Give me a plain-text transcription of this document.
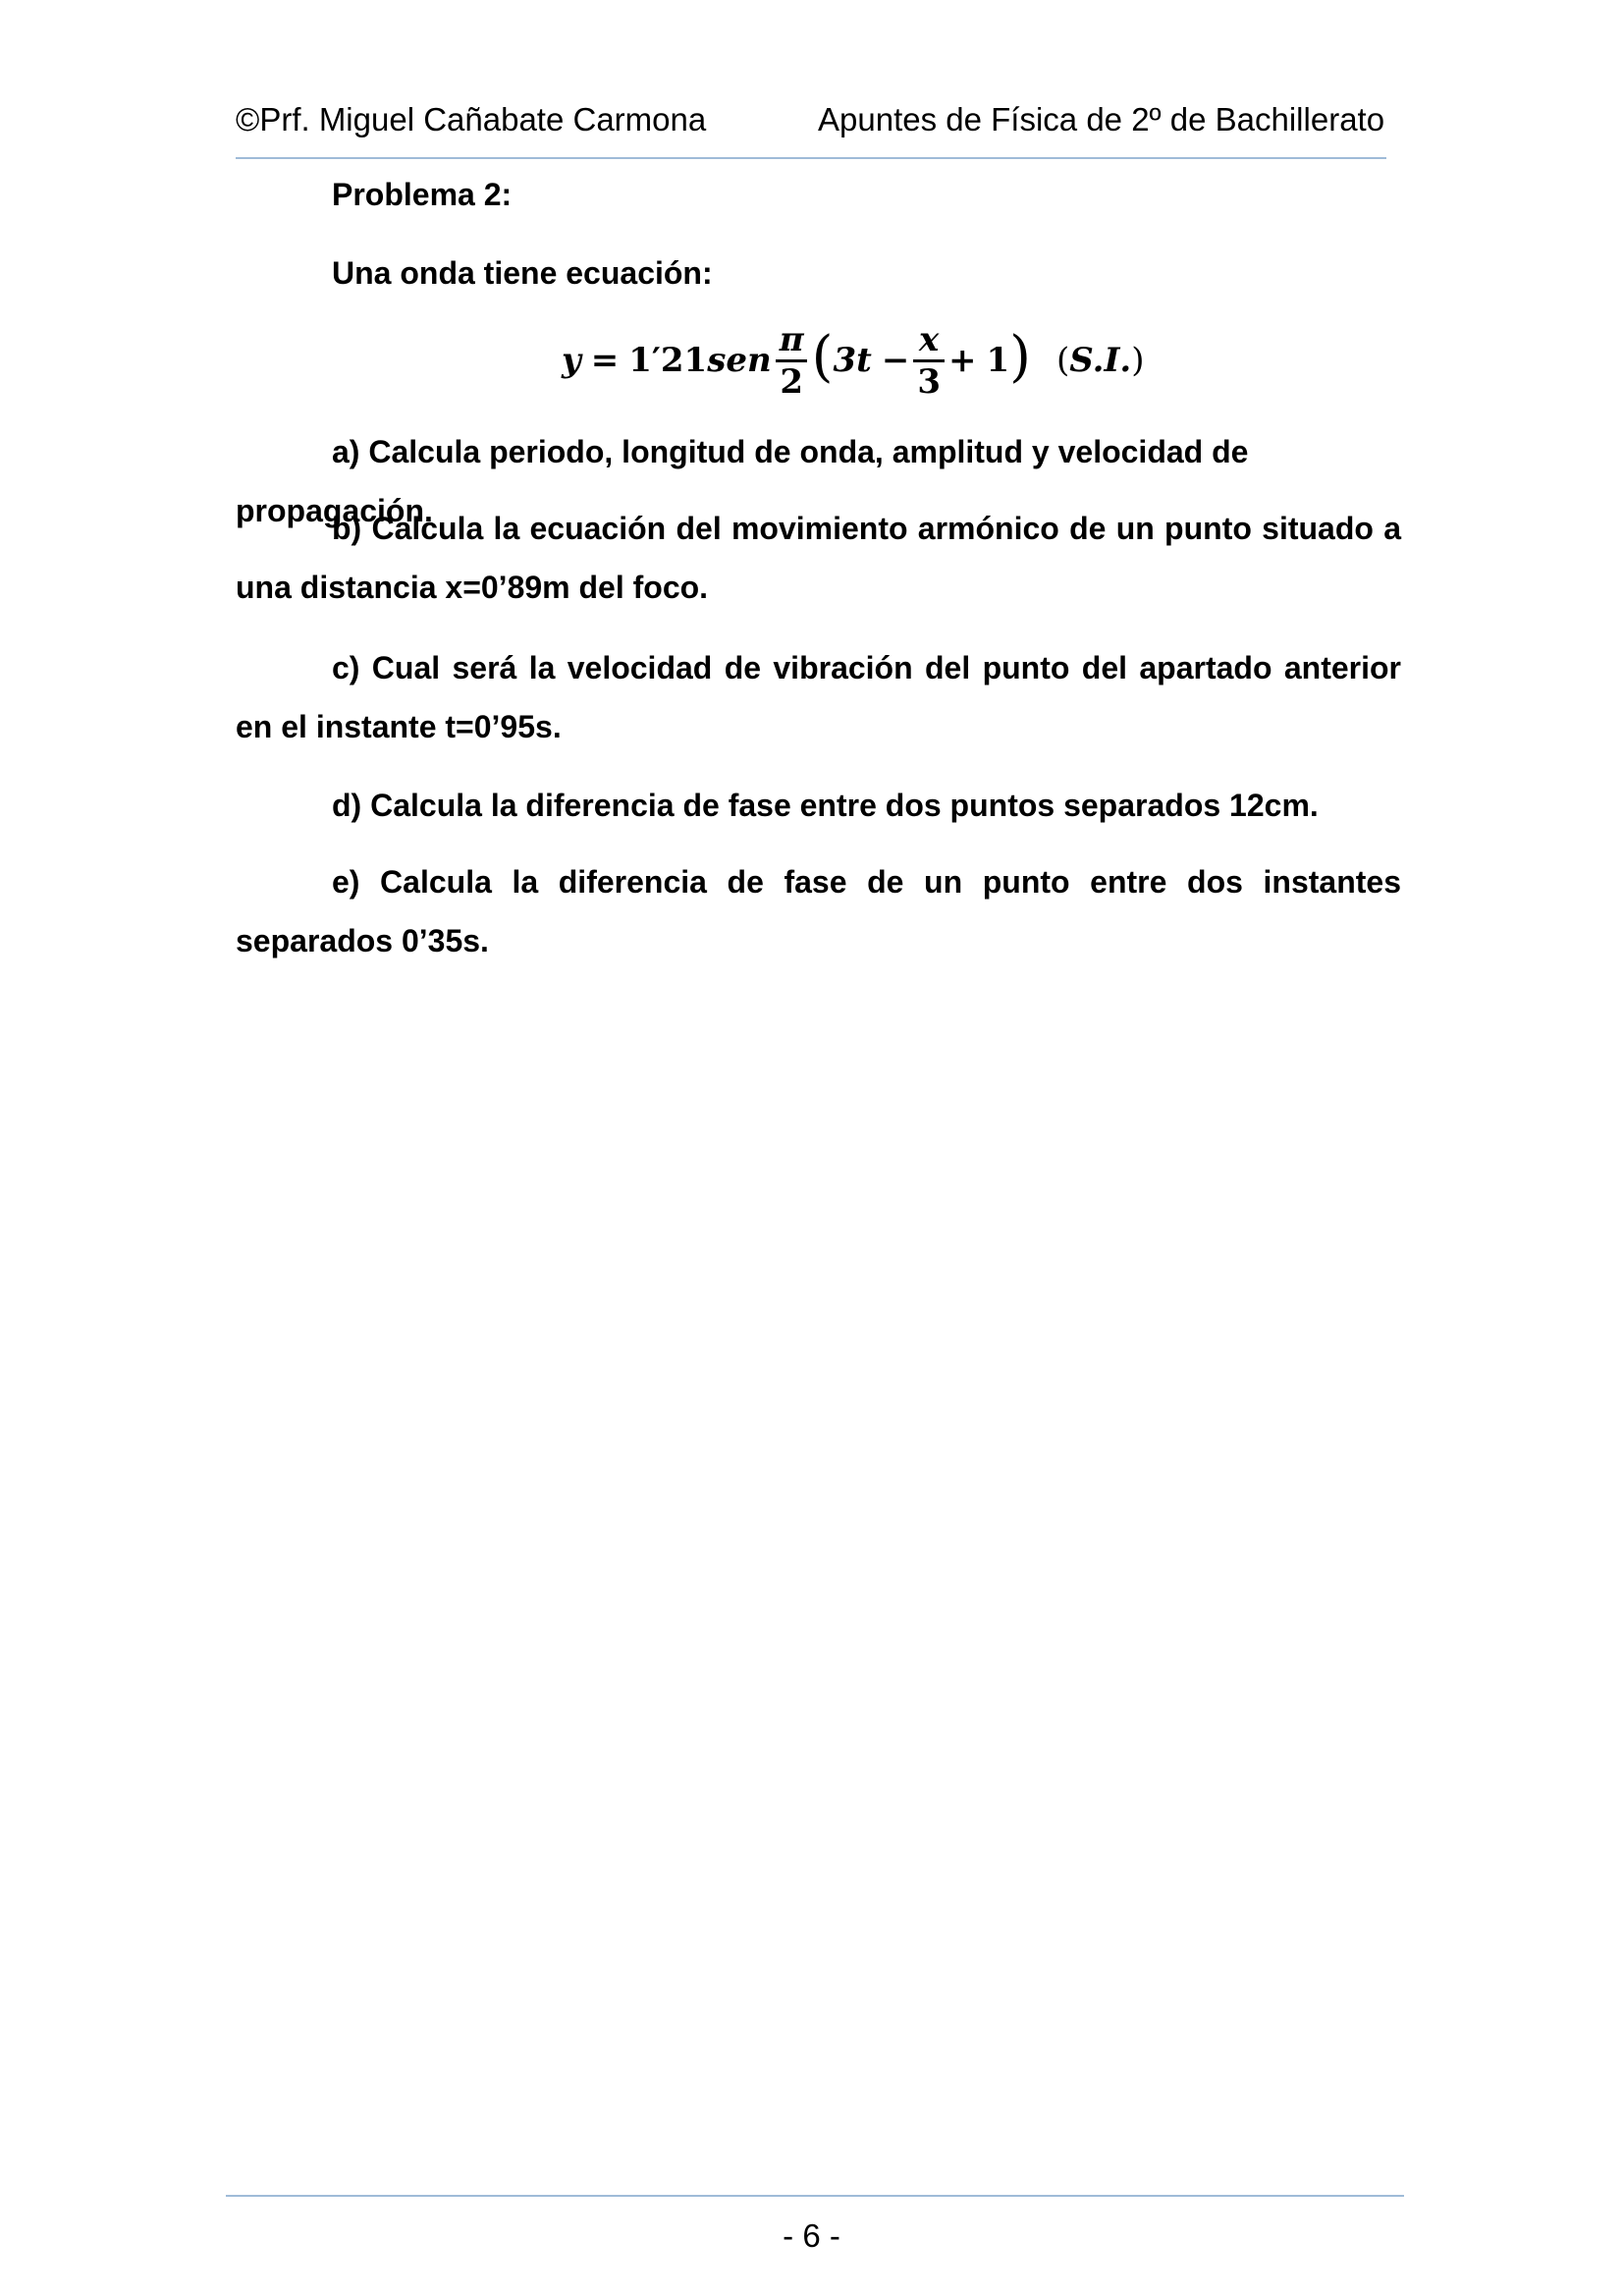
©Prf. Miguel Cañabate Carmona	Apuntes de Física de 2º de Bachillerato

Problema 2:

Una onda tiene ecuación:

y = 1′21 sen $\frac{\pi}{2}$ ( $3t - \frac{x}{3} + 1$ ) (S.I.)

a) Calcula periodo, longitud de onda, amplitud y velocidad de propagación.

b) Calcula la ecuación del movimiento armónico de un punto situado a una distancia x=0’89m del foco.

c) Cual será la velocidad de vibración del punto del apartado anterior en el instante t=0’95s.

d) Calcula la diferencia de fase entre dos puntos separados 12cm.

e) Calcula la diferencia de fase de un punto entre dos instantes separados 0’35s.

- 6 -
